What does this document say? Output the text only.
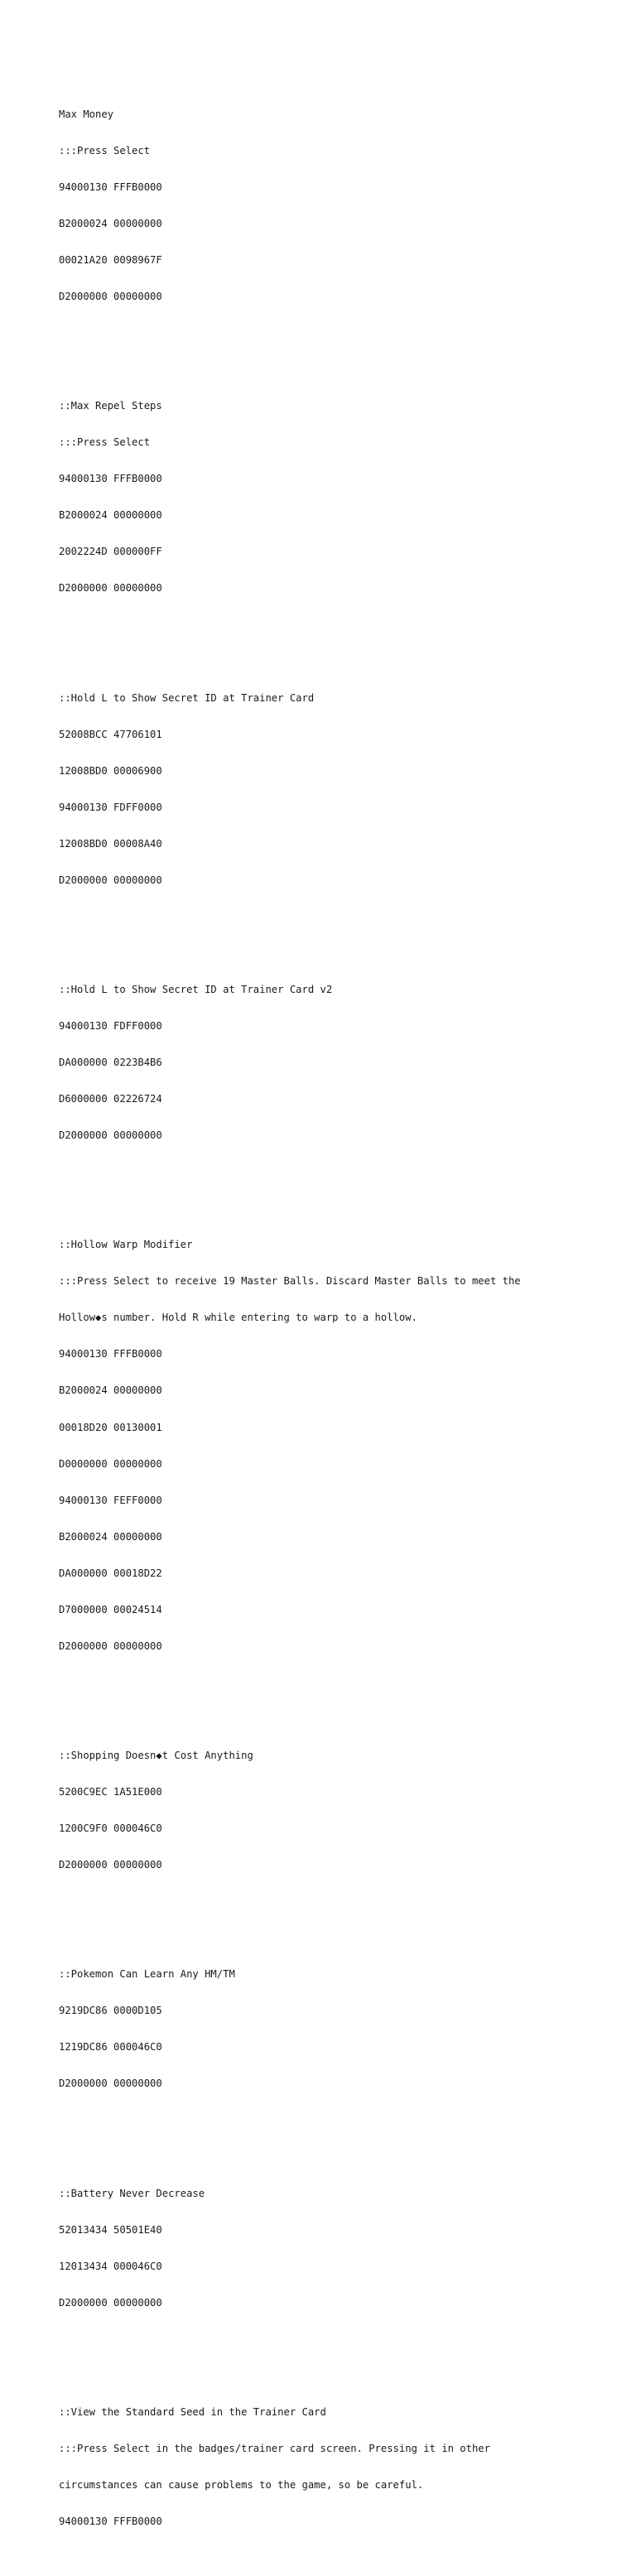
Max Money

:::Press Select

94000130 FFFB0000

B2000024 00000000

00021A20 0098967F

D2000000 00000000

::Max Repel Steps

:::Press Select

94000130 FFFB0000

B2000024 00000000

2002224D 000000FF

D2000000 00000000

::Hold L to Show Secret ID at Trainer Card

52008BCC 47706101

12008BD0 00006900

94000130 FDFF0000

12008BD0 00008A40

D2000000 00000000

::Hold L to Show Secret ID at Trainer Card v2

94000130 FDFF0000

DA000000 0223B4B6

D6000000 02226724

D2000000 00000000

::Hollow Warp Modifier

:::Press Select to receive 19 Master Balls. Discard Master Balls to meet the

Hollow◆s number. Hold R while entering to warp to a hollow.

94000130 FFFB0000

B2000024 00000000

00018D20 00130001

D0000000 00000000

94000130 FEFF0000

B2000024 00000000

DA000000 00018D22

D7000000 00024514

D2000000 00000000

::Shopping Doesn◆t Cost Anything

5200C9EC 1A51E000

1200C9F0 000046C0

D2000000 00000000

::Pokemon Can Learn Any HM/TM

9219DC86 0000D105

1219DC86 000046C0

D2000000 00000000

::Battery Never Decrease

52013434 50501E40

12013434 000046C0

D2000000 00000000

::View the Standard Seed in the Trainer Card

:::Press Select in the badges/trainer card screen. Pressing it in other

circumstances can cause problems to the game, so be careful.

94000130 FFFB0000
